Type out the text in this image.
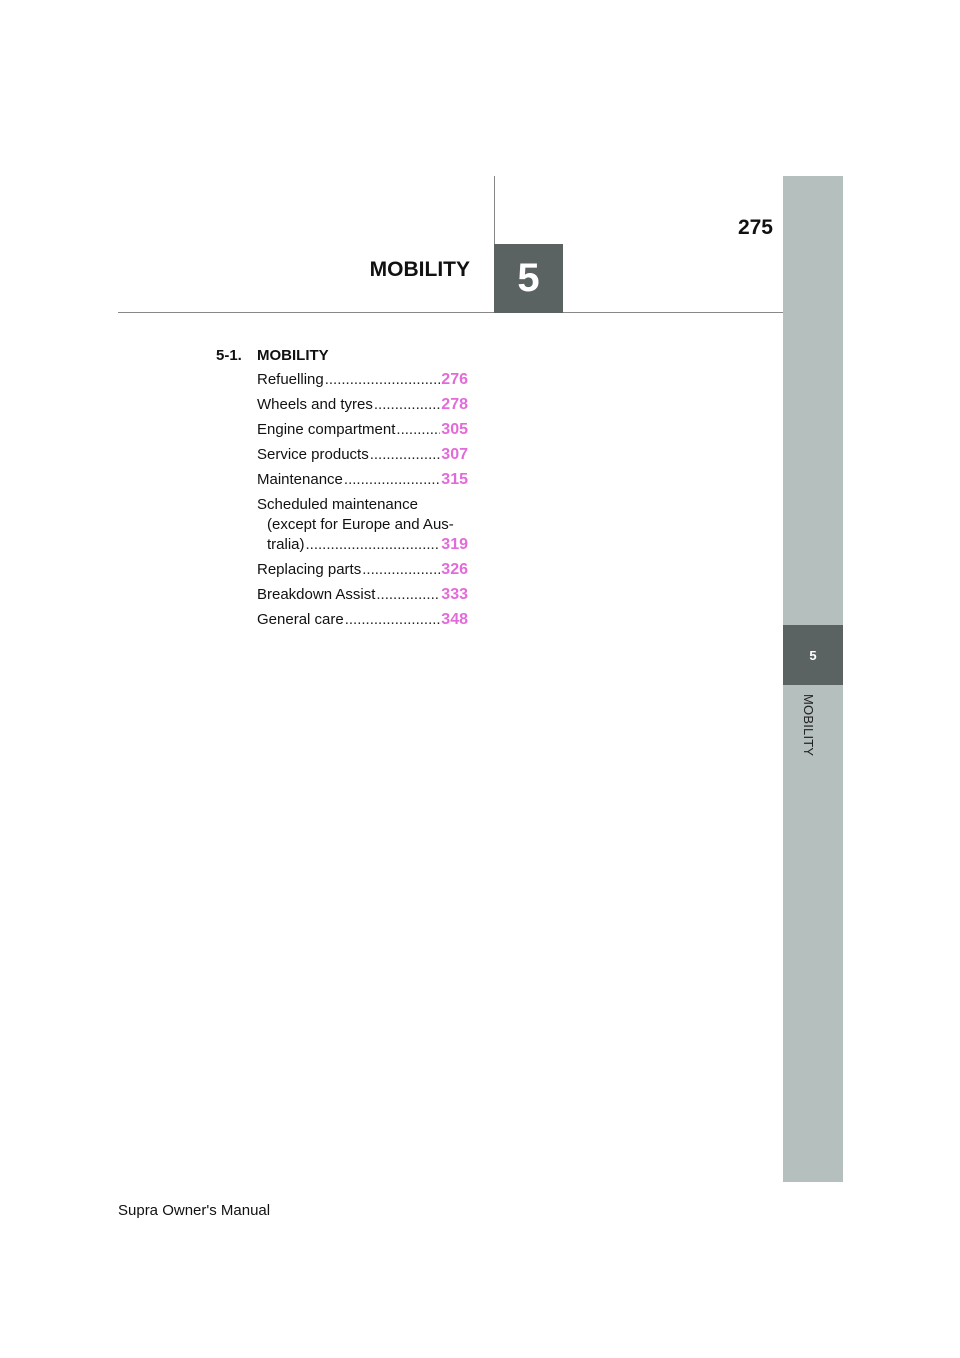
5
MOBILITY
275
MOBILITY	5
5-1. MOBILITY
Refuelling .....	276
Wheels and tyres .....	278
Engine compartment .....	305
Service products .....	307
Maintenance .....	315
Scheduled maintenance
(except for Europe and Aus-
tralia) .....	319
Replacing parts .....	326
Breakdown Assist .....	333
General care .....	348
Supra Owner's Manual
